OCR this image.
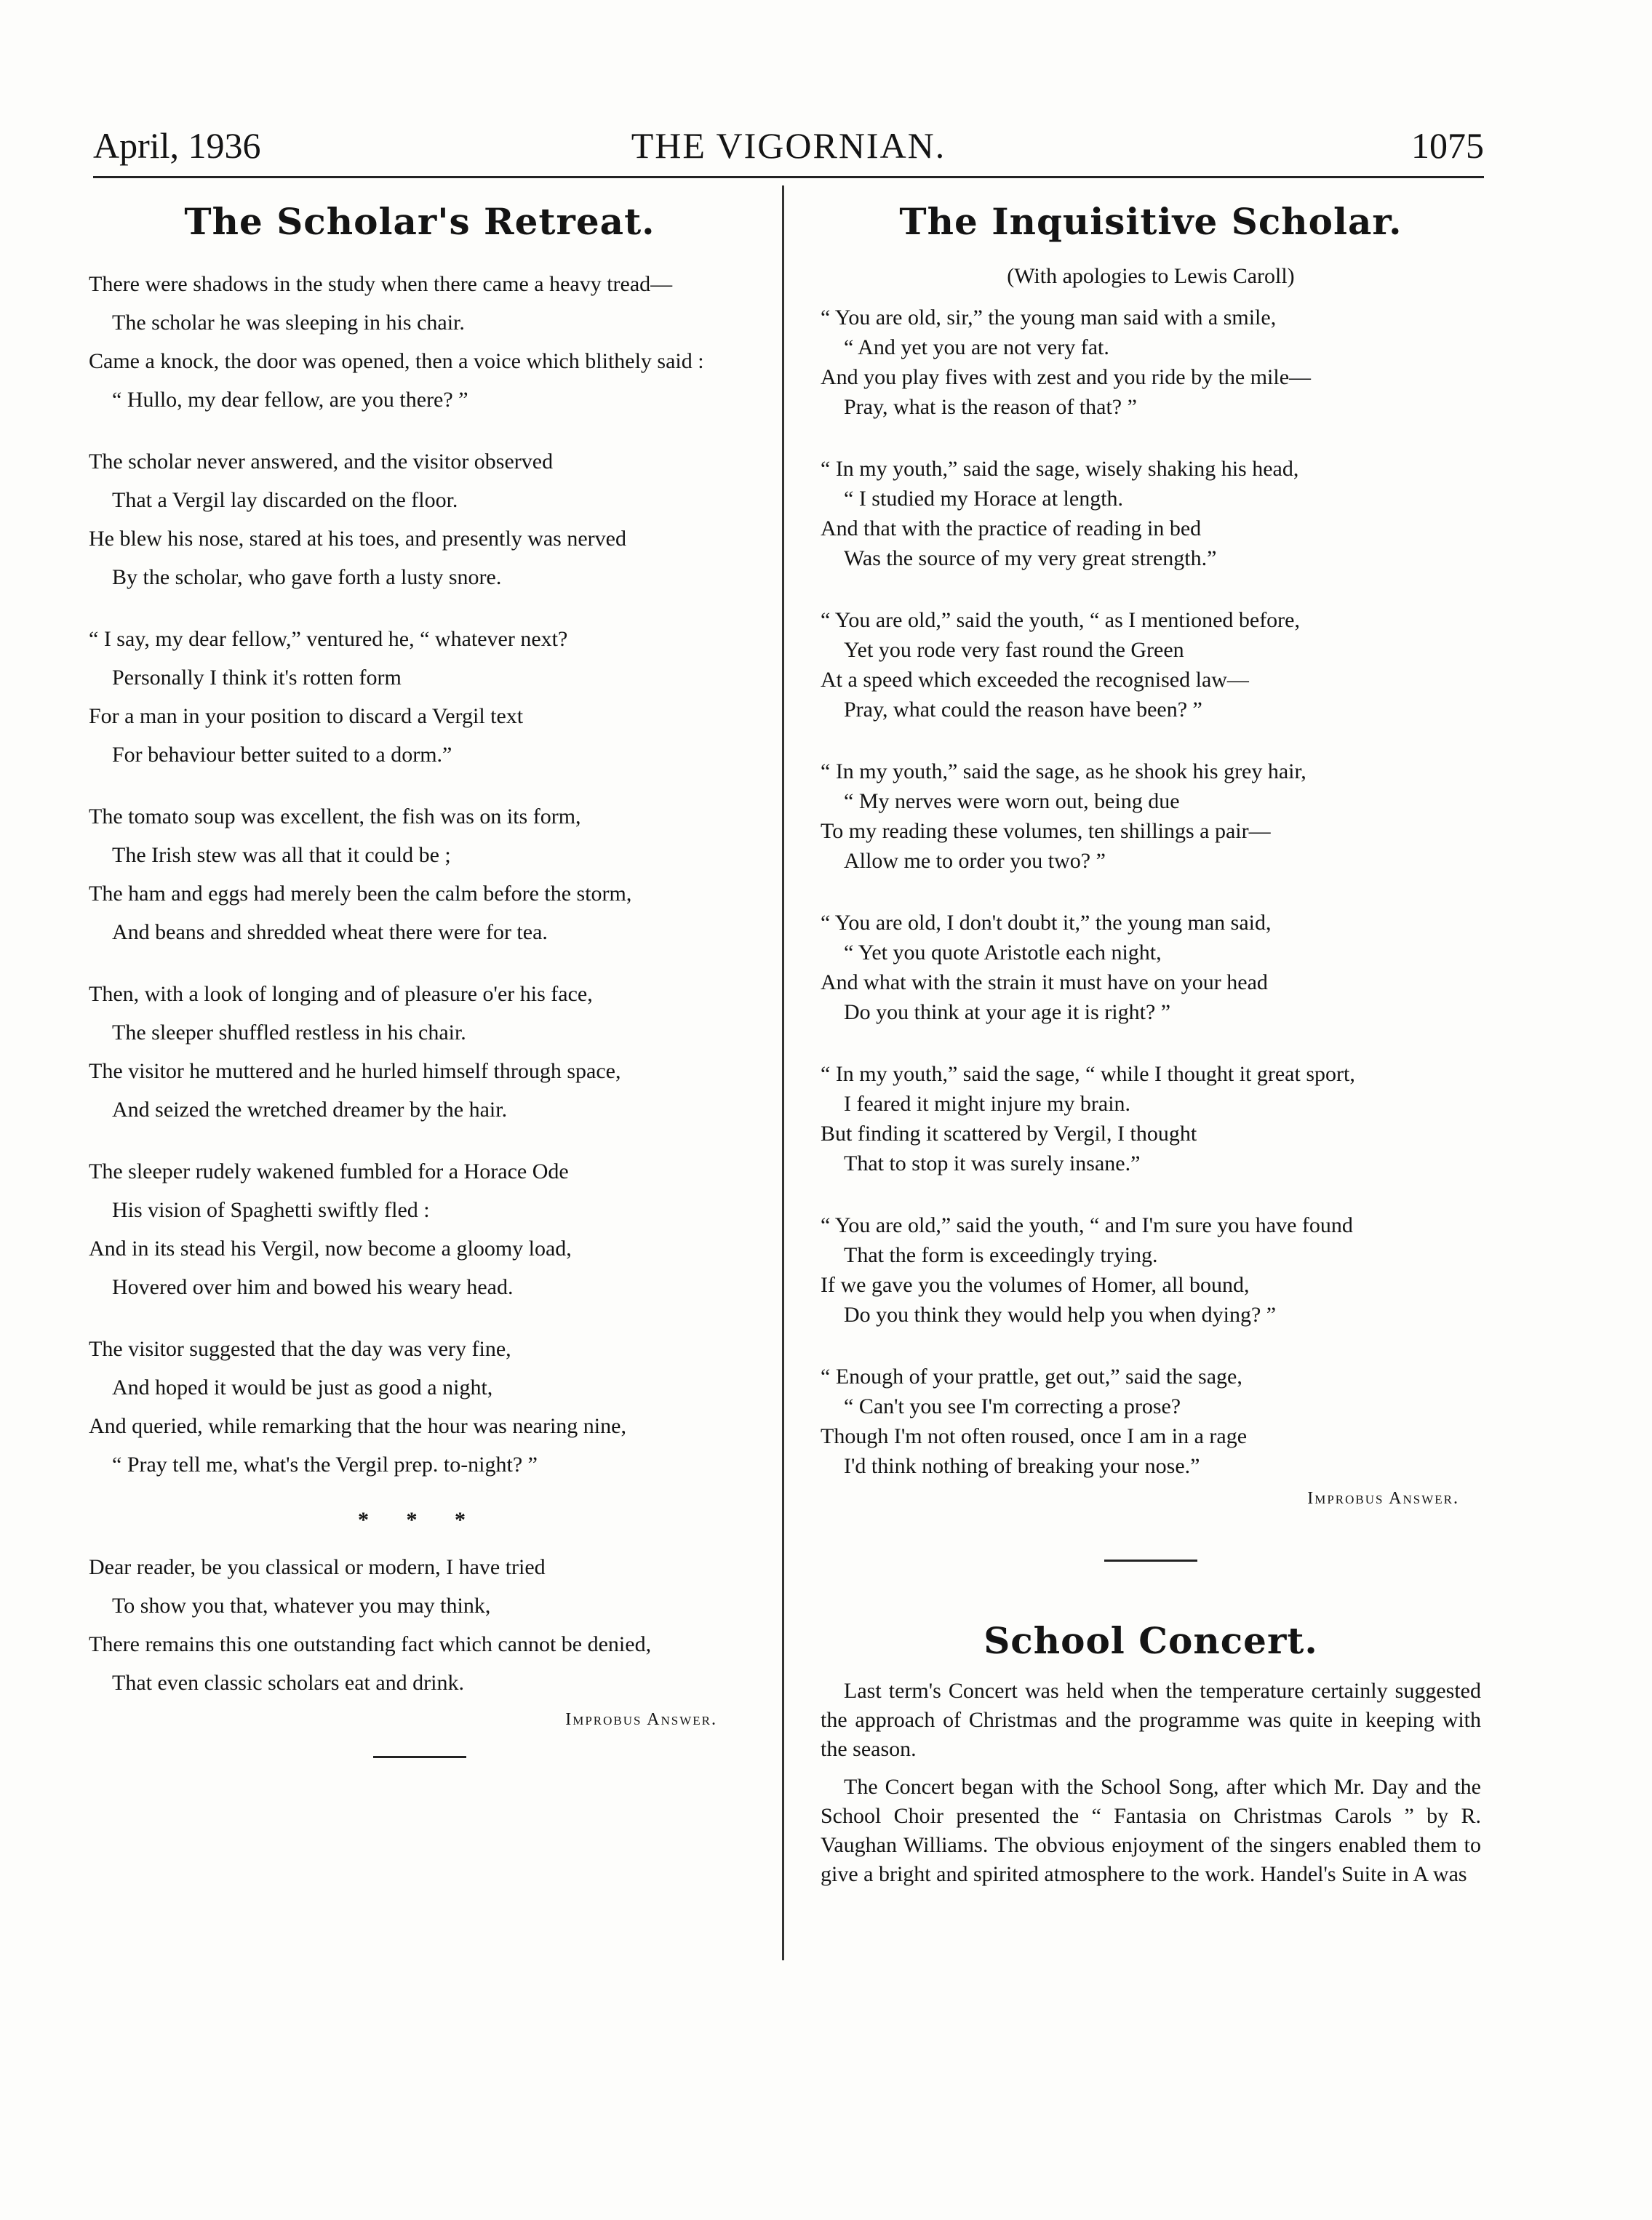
THE VIGORNIAN.
April, 1936	1075
The Scholar's Retreat.

There were shadows in the study when there came a heavy tread—

The scholar he was sleeping in his chair.

Came a knock, the door was opened, then a voice which blithely said :

“ Hullo, my dear fellow, are you there? ”

The scholar never answered, and the visitor observed

That a Vergil lay discarded on the floor.

He blew his nose, stared at his toes, and presently was nerved

By the scholar, who gave forth a lusty snore.

“ I say, my dear fellow,” ventured he, “ whatever next?

Personally I think it's rotten form

For a man in your position to discard a Vergil text

For behaviour better suited to a dorm.”

The tomato soup was excellent, the fish was on its form,

The Irish stew was all that it could be ;

The ham and eggs had merely been the calm before the storm,

And beans and shredded wheat there were for tea.

Then, with a look of longing and of pleasure o'er his face,

The sleeper shuffled restless in his chair.

The visitor he muttered and he hurled himself through space,

And seized the wretched dreamer by the hair.

The sleeper rudely wakened fumbled for a Horace Ode

His vision of Spaghetti swiftly fled :

And in its stead his Vergil, now become a gloomy load,

Hovered over him and bowed his weary head.

The visitor suggested that the day was very fine,

And hoped it would be just as good a night,

And queried, while remarking that the hour was nearing nine,

“ Pray tell me, what's the Vergil prep. to-night? ”

* * *

Dear reader, be you classical or modern, I have tried

To show you that, whatever you may think,

There remains this one outstanding fact which cannot be denied,

That even classic scholars eat and drink.

Improbus Answer.
The Inquisitive Scholar.
(With apologies to Lewis Caroll)

“ You are old, sir,” the young man said with a smile,

“ And yet you are not very fat.

And you play fives with zest and you ride by the mile—

Pray, what is the reason of that? ”

“ In my youth,” said the sage, wisely shaking his head,

“ I studied my Horace at length.

And that with the practice of reading in bed

Was the source of my very great strength.”

“ You are old,” said the youth, “ as I mentioned before,

Yet you rode very fast round the Green

At a speed which exceeded the recognised law—

Pray, what could the reason have been? ”

“ In my youth,” said the sage, as he shook his grey hair,

“ My nerves were worn out, being due

To my reading these volumes, ten shillings a pair—

Allow me to order you two? ”

“ You are old, I don't doubt it,” the young man said,

“ Yet you quote Aristotle each night,

And what with the strain it must have on your head

Do you think at your age it is right? ”

“ In my youth,” said the sage, “ while I thought it great sport,

I feared it might injure my brain.

But finding it scattered by Vergil, I thought

That to stop it was surely insane.”

“ You are old,” said the youth, “ and I'm sure you have found

That the form is exceedingly trying.

If we gave you the volumes of Homer, all bound,

Do you think they would help you when dying? ”

“ Enough of your prattle, get out,” said the sage,

“ Can't you see I'm correcting a prose?

Though I'm not often roused, once I am in a rage

I'd think nothing of breaking your nose.”

Improbus Answer.
School Concert.

Last term's Concert was held when the temperature certainly suggested the approach of Christmas and the programme was quite in keeping with the season.

The Concert began with the School Song, after which Mr. Day and the School Choir presented the “ Fantasia on Christmas Carols ” by R. Vaughan Williams. The obvious enjoyment of the singers enabled them to give a bright and spirited atmosphere to the work. Handel's Suite in A was
